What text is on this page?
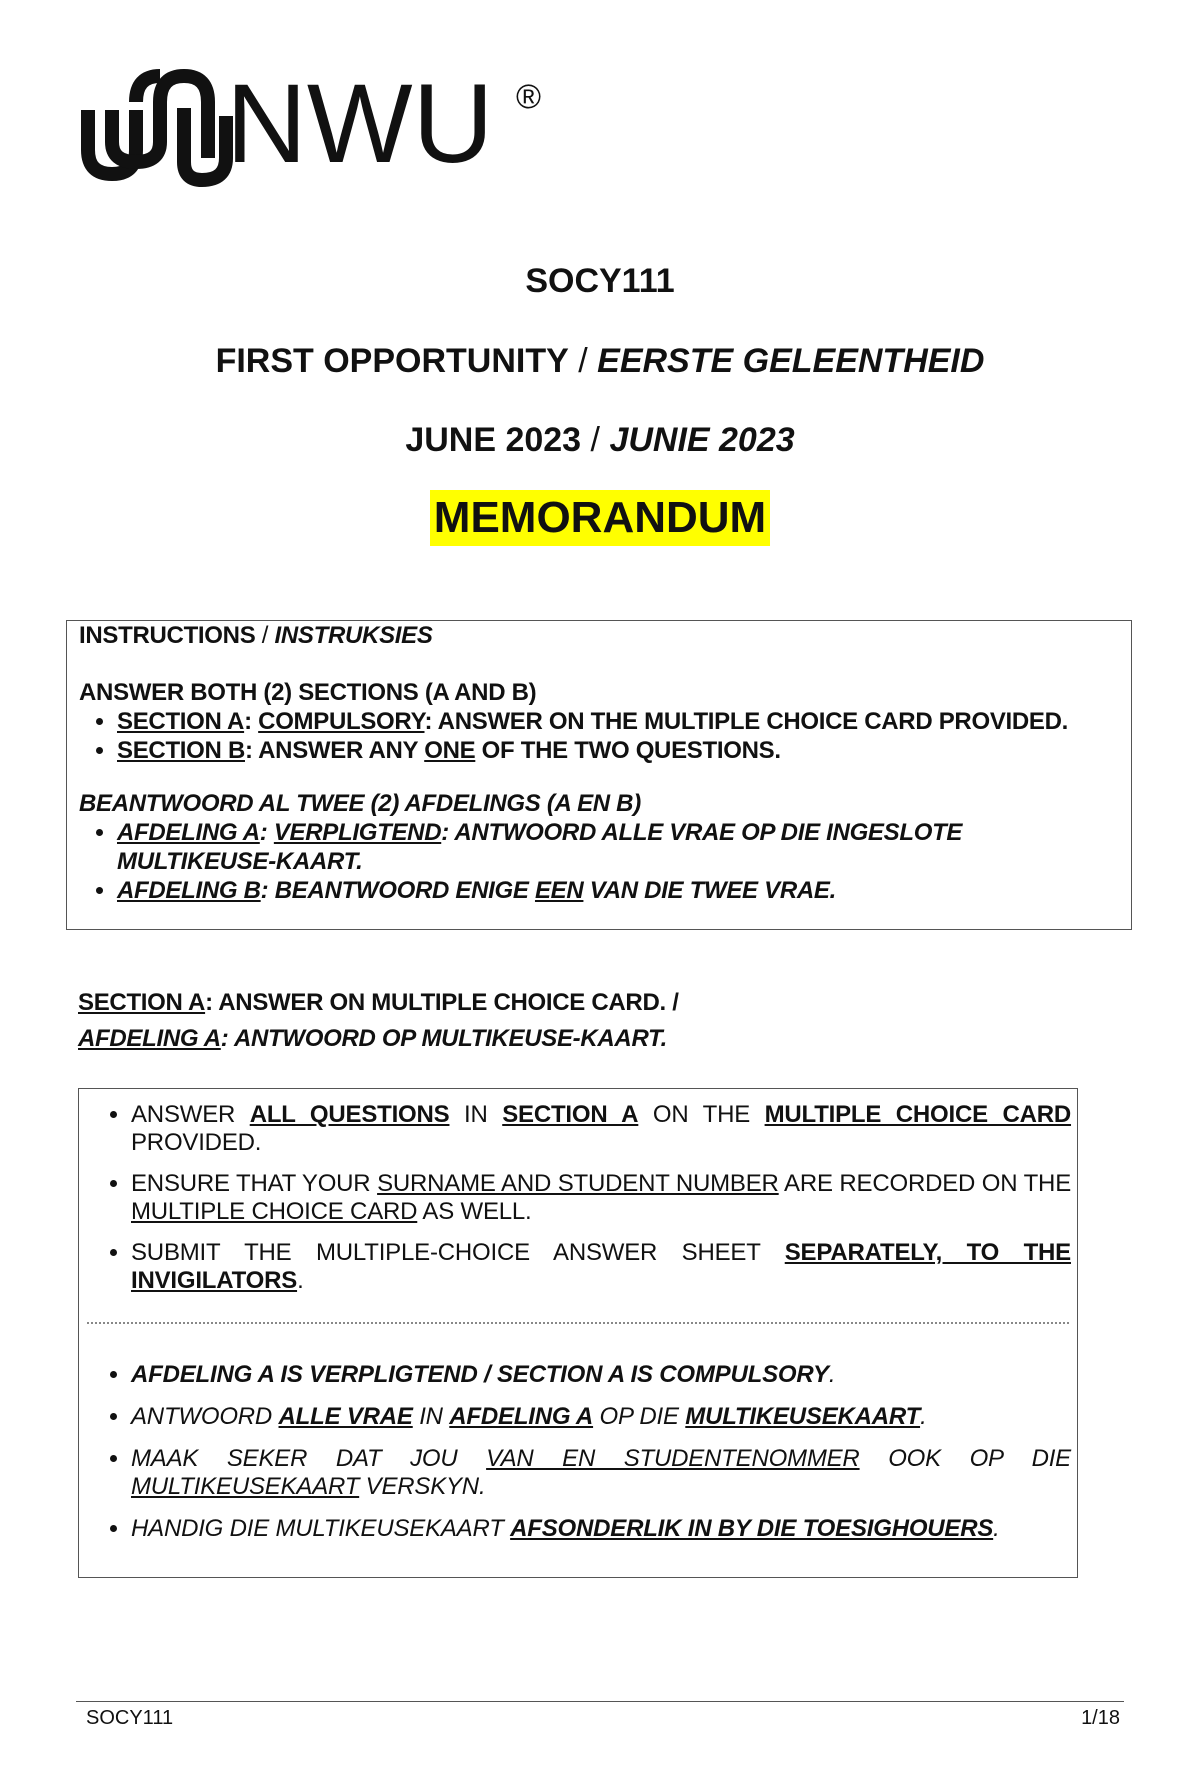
NWU ®
SOCY111
FIRST OPPORTUNITY / EERSTE GELEENTHEID
JUNE 2023 / JUNIE 2023
MEMORANDUM
INSTRUCTIONS / INSTRUKSIES
ANSWER BOTH (2) SECTIONS (A AND B)
• SECTION A: COMPULSORY: ANSWER ON THE MULTIPLE CHOICE CARD PROVIDED.
• SECTION B: ANSWER ANY ONE OF THE TWO QUESTIONS.
BEANTWOORD AL TWEE (2) AFDELINGS (A EN B)
• AFDELING A: VERPLIGTEND: ANTWOORD ALLE VRAE OP DIE INGESLOTE MULTIKEUSE-KAART.
• AFDELING B: BEANTWOORD ENIGE EEN VAN DIE TWEE VRAE.
SECTION A: ANSWER ON MULTIPLE CHOICE CARD. /
AFDELING A: ANTWOORD OP MULTIKEUSE-KAART.
• ANSWER ALL QUESTIONS IN SECTION A ON THE MULTIPLE CHOICE CARD PROVIDED.
• ENSURE THAT YOUR SURNAME AND STUDENT NUMBER ARE RECORDED ON THE MULTIPLE CHOICE CARD AS WELL.
• SUBMIT THE MULTIPLE-CHOICE ANSWER SHEET SEPARATELY, TO THE INVIGILATORS.
• AFDELING A IS VERPLIGTEND / SECTION A IS COMPULSORY.
• ANTWOORD ALLE VRAE IN AFDELING A OP DIE MULTIKEUSEKAART.
• MAAK SEKER DAT JOU VAN EN STUDENTENOMMER OOK OP DIE MULTIKEUSEKAART VERSKYN.
• HANDIG DIE MULTIKEUSEKAART AFSONDERLIK IN BY DIE TOESIGHOUERS.
SOCY111	1/18
